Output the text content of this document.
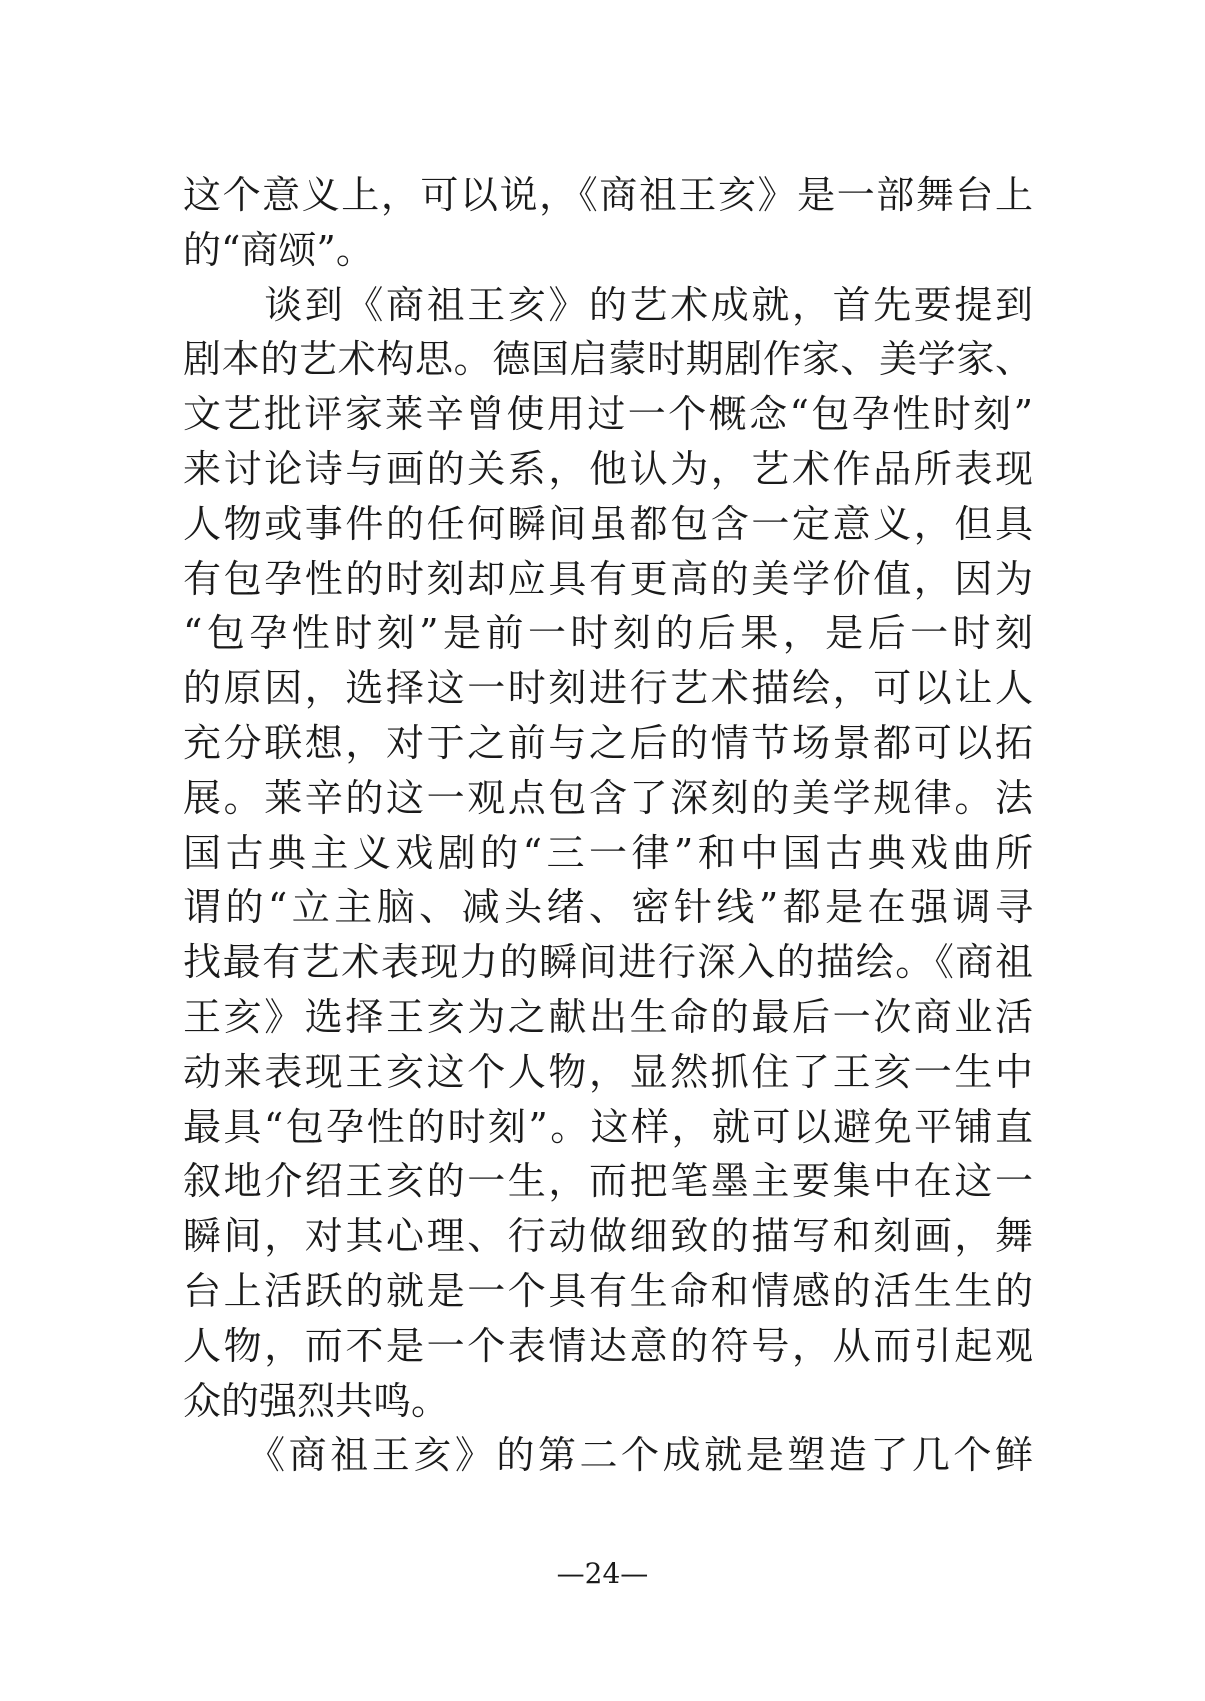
这个意义上，可以说，《商祖王亥》是一部舞台上
的“商颂”。
　　谈到《商祖王亥》的艺术成就，首先要提到
剧本的艺术构思。德国启蒙时期剧作家、美学家、
文艺批评家莱辛曾使用过一个概念“包孕性时刻”
来讨论诗与画的关系，他认为，艺术作品所表现
人物或事件的任何瞬间虽都包含一定意义，但具
有包孕性的时刻却应具有更高的美学价值，因为
“包孕性时刻”是前一时刻的后果，是后一时刻
的原因，选择这一时刻进行艺术描绘，可以让人
充分联想，对于之前与之后的情节场景都可以拓
展。莱辛的这一观点包含了深刻的美学规律。法
国古典主义戏剧的“三一律”和中国古典戏曲所
谓的“立主脑、减头绪、密针线”都是在强调寻
找最有艺术表现力的瞬间进行深入的描绘。《商祖
王亥》选择王亥为之献出生命的最后一次商业活
动来表现王亥这个人物，显然抓住了王亥一生中
最具“包孕性的时刻”。这样，就可以避免平铺直
叙地介绍王亥的一生，而把笔墨主要集中在这一
瞬间，对其心理、行动做细致的描写和刻画，舞
台上活跃的就是一个具有生命和情感的活生生的
人物，而不是一个表情达意的符号，从而引起观
众的强烈共鸣。
　　《商祖王亥》的第二个成就是塑造了几个鲜
—24—
